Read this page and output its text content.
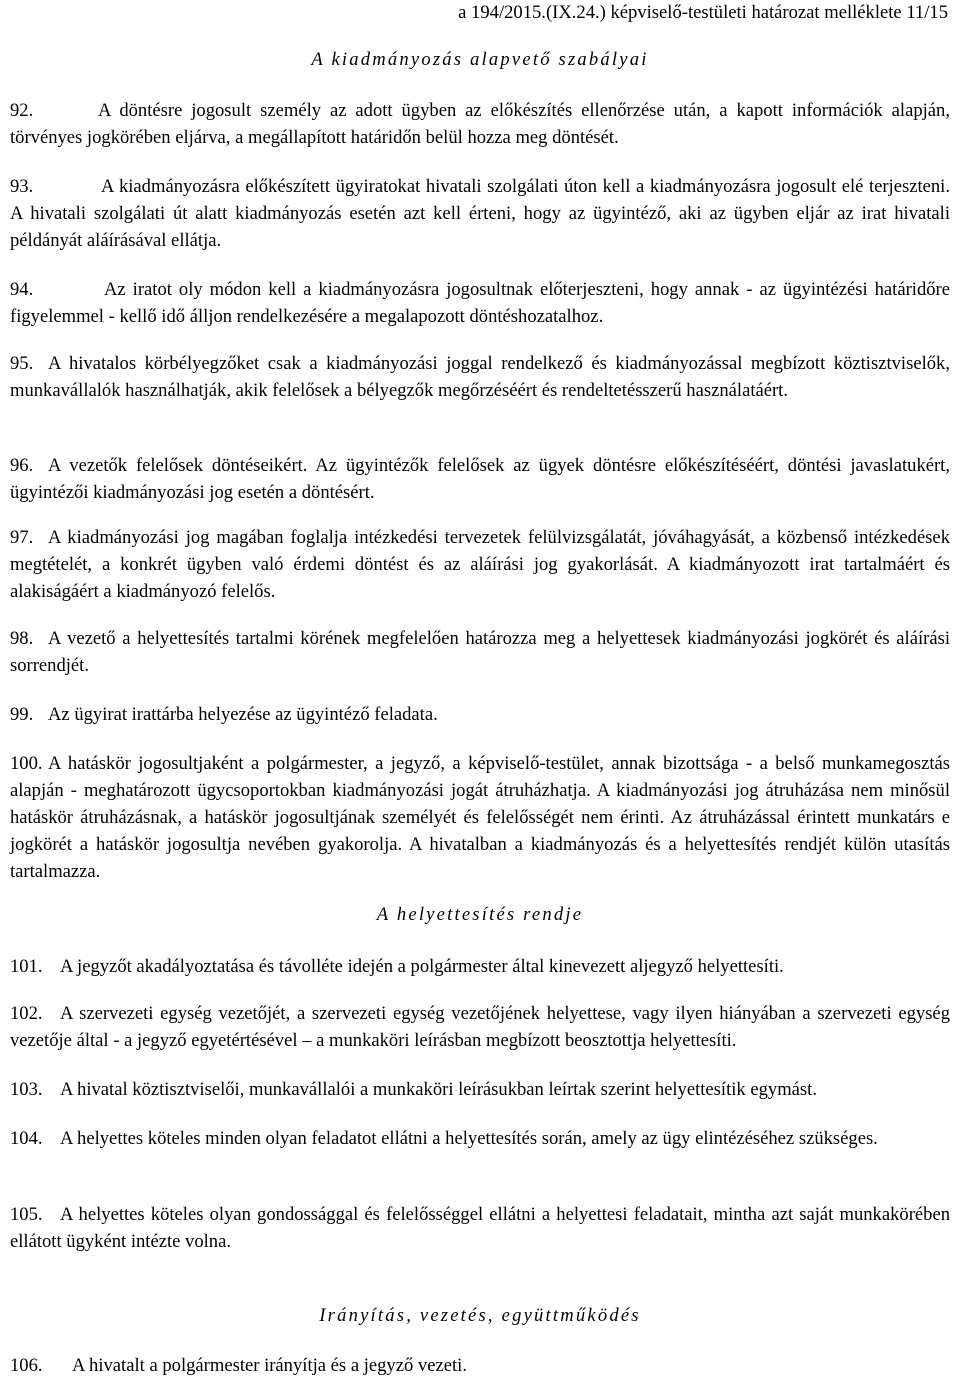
a 194/2015.(IX.24.) képviselő-testületi határozat melléklete 11/15
A kiadmányozás alapvető szabályai

92.	A döntésre jogosult személy az adott ügyben az előkészítés ellenőrzése után, a kapott információk alapján, törvényes jogkörében eljárva, a megállapított határidőn belül hozza meg döntését.

93.	A kiadmányozásra előkészített ügyiratokat hivatali szolgálati úton kell a kiadmányozásra jogosult elé terjeszteni. A hivatali szolgálati út alatt kiadmányozás esetén azt kell érteni, hogy az ügyintéző, aki az ügyben eljár az irat hivatali példányát aláírásával ellátja.

94.	Az iratot oly módon kell a kiadmányozásra jogosultnak előterjeszteni, hogy annak - az ügyintézési határidőre figyelemmel - kellő idő álljon rendelkezésére a megalapozott döntéshozatalhoz.

95. A hivatalos körbélyegzőket csak a kiadmányozási joggal rendelkező és kiadmányozással megbízott köztisztviselők, munkavállalók használhatják, akik felelősek a bélyegzők megőrzéséért és rendeltetésszerű használatáért.

96. A vezetők felelősek döntéseikért. Az ügyintézők felelősek az ügyek döntésre előkészítéséért, döntési javaslatukért, ügyintézői kiadmányozási jog esetén a döntésért.

97. A kiadmányozási jog magában foglalja intézkedési tervezetek felülvizsgálatát, jóváhagyását, a közbenső intézkedések megtételét, a konkrét ügyben való érdemi döntést és az aláírási jog gyakorlását. A kiadmányozott irat tartalmáért és alakiságáért a kiadmányozó felelős.

98. A vezető a helyettesítés tartalmi körének megfelelően határozza meg a helyettesek kiadmányozási jogkörét és aláírási sorrendjét.

99. Az ügyirat irattárba helyezése az ügyintéző feladata.

100. A hatáskör jogosultjaként a polgármester, a jegyző, a képviselő-testület, annak bizottsága - a belső munkamegosztás alapján - meghatározott ügycsoportokban kiadmányozási jogát átruházhatja. A kiadmányozási jog átruházása nem minősül hatáskör átruházásnak, a hatáskör jogosultjának személyét és felelősségét nem érinti. Az átruházással érintett munkatárs e jogkörét a hatáskör jogosultja nevében gyakorolja. A hivatalban a kiadmányozás és a helyettesítés rendjét külön utasítás tartalmazza.

A helyettesítés rendje

101. A jegyzőt akadályoztatása és távolléte idején a polgármester által kinevezett aljegyző helyettesíti.

102. A szervezeti egység vezetőjét, a szervezeti egység vezetőjének helyettese, vagy ilyen hiányában a szervezeti egység vezetője által - a jegyző egyetértésével – a munkaköri leírásban megbízott beosztottja helyettesíti.

103. A hivatal köztisztviselői, munkavállalói a munkaköri leírásukban leírtak szerint helyettesítik egymást.

104. A helyettes köteles minden olyan feladatot ellátni a helyettesítés során, amely az ügy elintézéséhez szükséges.

105. A helyettes köteles olyan gondossággal és felelősséggel ellátni a helyettesi feladatait, mintha azt saját munkakörében ellátott ügyként intézte volna.

Irányítás, vezetés, együttműködés

106. A hivatalt a polgármester irányítja és a jegyző vezeti.
